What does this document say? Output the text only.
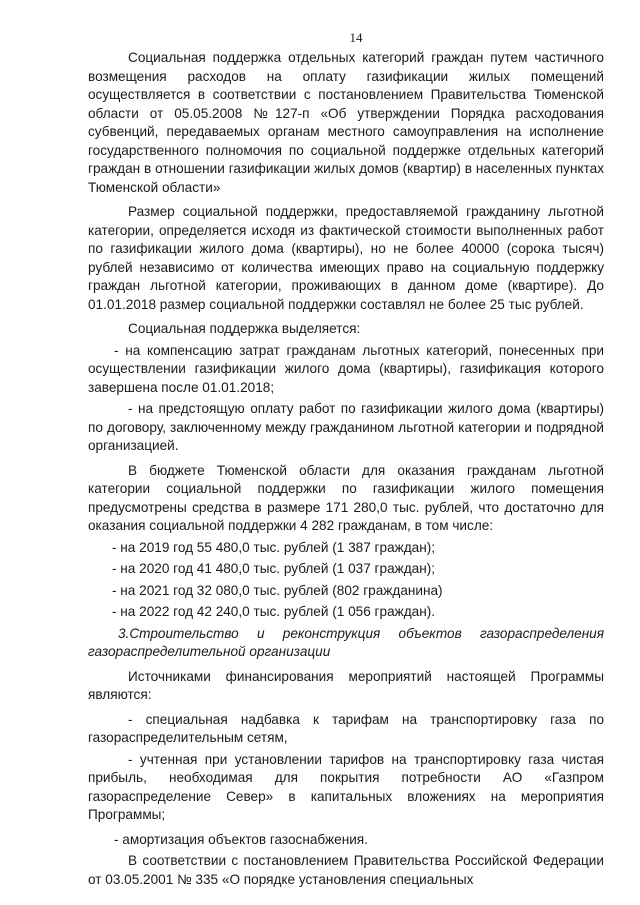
14

Социальная поддержка отдельных категорий граждан путем частичного возмещения расходов на оплату газификации жилых помещений осуществляется в соответствии с постановлением Правительства Тюменской области от 05.05.2008 №127-п «Об утверждении Порядка расходования субвенций, передаваемых органам местного самоуправления на исполнение государственного полномочия по социальной поддержке отдельных категорий граждан в отношении газификации жилых домов (квартир) в населенных пунктах Тюменской области»

Размер социальной поддержки, предоставляемой гражданину льготной категории, определяется исходя из фактической стоимости выполненных работ по газификации жилого дома (квартиры), но не более 40000 (сорока тысяч) рублей независимо от количества имеющих право на социальную поддержку граждан льготной категории, проживающих в данном доме (квартире). До 01.01.2018 размер социальной поддержки составлял не более 25 тыс рублей.

Социальная поддержка выделяется:

- на компенсацию затрат гражданам льготных категорий, понесенных при осуществлении газификации жилого дома (квартиры), газификация которого завершена после 01.01.2018;

- на предстоящую оплату работ по газификации жилого дома (квартиры) по договору, заключенному между гражданином льготной категории и подрядной организацией.

В бюджете Тюменской области для оказания гражданам льготной категории социальной поддержки по газификации жилого помещения предусмотрены средства в размере 171 280,0 тыс. рублей, что достаточно для оказания социальной поддержки 4 282 гражданам, в том числе:

- на 2019 год 55 480,0 тыс. рублей (1 387 граждан);

- на 2020 год 41 480,0 тыс. рублей (1 037 граждан);

- на 2021 год 32 080,0 тыс. рублей (802 гражданина)

- на 2022 год 42 240,0 тыс. рублей (1 056 граждан).

3.Строительство и реконструкция объектов газораспределения газораспределительной организации

Источниками финансирования мероприятий настоящей Программы являются:

- специальная надбавка к тарифам на транспортировку газа по газораспределительным сетям,

- учтенная при установлении тарифов на транспортировку газа чистая прибыль, необходимая для покрытия потребности АО «Газпром газораспределение Север» в капитальных вложениях на мероприятия Программы;

- амортизация объектов газоснабжения.

В соответствии с постановлением Правительства Российской Федерации от 03.05.2001 № 335 «О порядке установления специальных
